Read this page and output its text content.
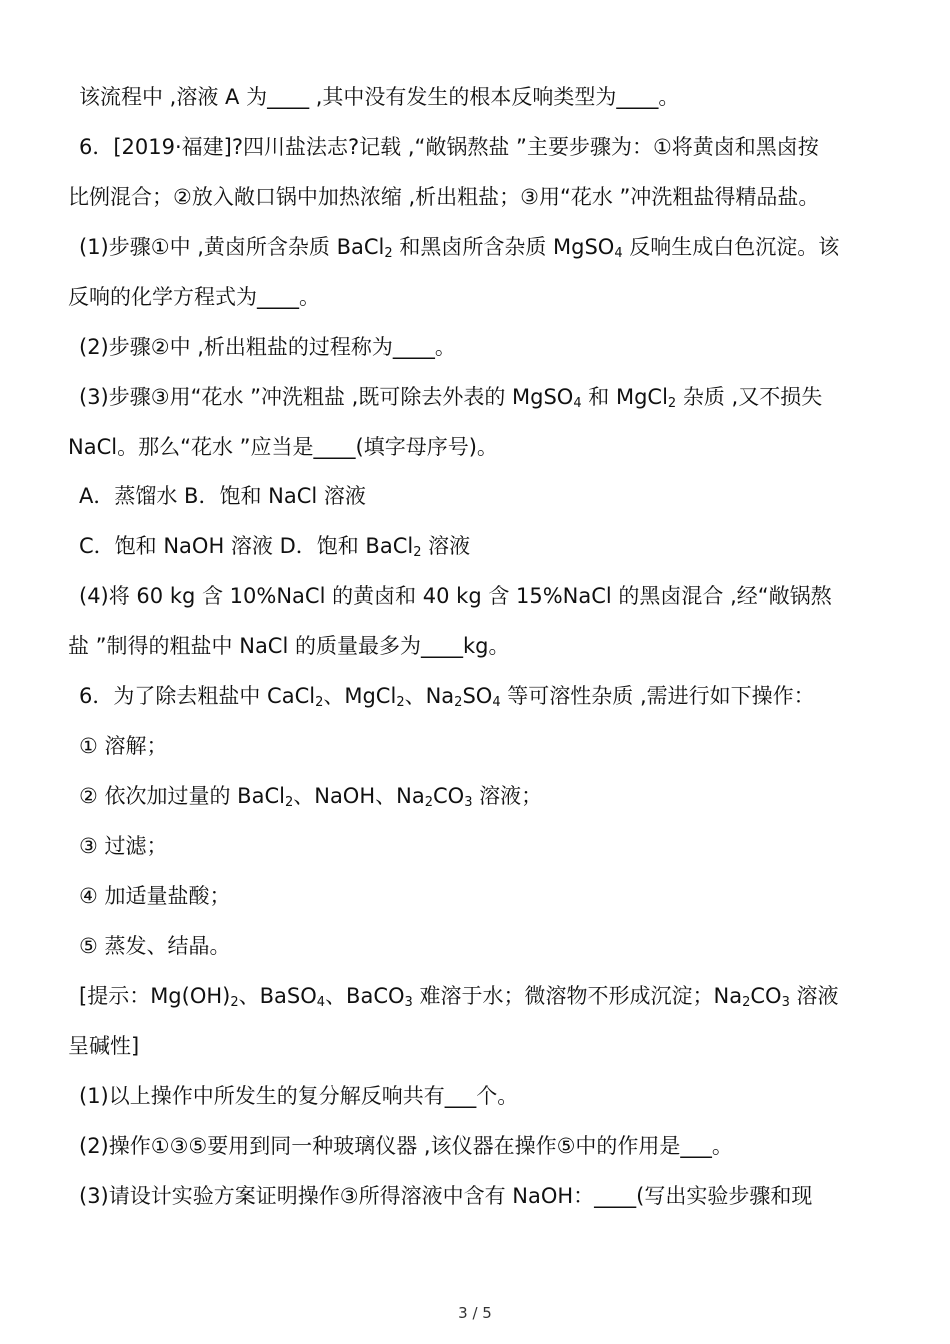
该流程中 ,溶液 A 为____ ,其中没有发生的根本反响类型为____。
6．[2019·福建]?四川盐法志?记载 ,“敞锅熬盐 ”主要步骤为：①将黄卤和黑卤按
比例混合；②放入敞口锅中加热浓缩 ,析出粗盐；③用“花水 ”冲洗粗盐得精品盐。
(1)步骤①中 ,黄卤所含杂质 BaCl$_2$ 和黑卤所含杂质 MgSO$_4$ 反响生成白色沉淀。该
反响的化学方程式为____。
(2)步骤②中 ,析出粗盐的过程称为____。
(3)步骤③用“花水 ”冲洗粗盐 ,既可除去外表的 MgSO$_4$ 和 MgCl$_2$ 杂质 ,又不损失
NaCl。那么“花水 ”应当是____(填字母序号)。
A．蒸馏水 B．饱和 NaCl 溶液
C．饱和 NaOH 溶液 D．饱和 BaCl$_2$ 溶液
(4)将 60 kg 含 10%NaCl 的黄卤和 40 kg 含 15%NaCl 的黑卤混合 ,经“敞锅熬
盐 ”制得的粗盐中 NaCl 的质量最多为____kg。
6．为了除去粗盐中 CaCl$_2$、MgCl$_2$、$Na_2SO_4$ 等可溶性杂质 ,需进行如下操作：
① 溶解；
② 依次加过量的 BaCl$_2$、NaOH、$Na_2CO_3$ 溶液；
③ 过滤；
④ 加适量盐酸；
⑤ 蒸发、结晶。
[提示：$Mg(OH)_2$、BaSO$_4$、BaCO$_3$ 难溶于水；微溶物不形成沉淀；$Na_2CO_3$ 溶液
呈碱性]
(1)以上操作中所发生的复分解反响共有___个。
(2)操作①③⑤要用到同一种玻璃仪器 ,该仪器在操作⑤中的作用是___。
(3)请设计实验方案证明操作③所得溶液中含有 NaOH：____(写出实验步骤和现
3 / 5
